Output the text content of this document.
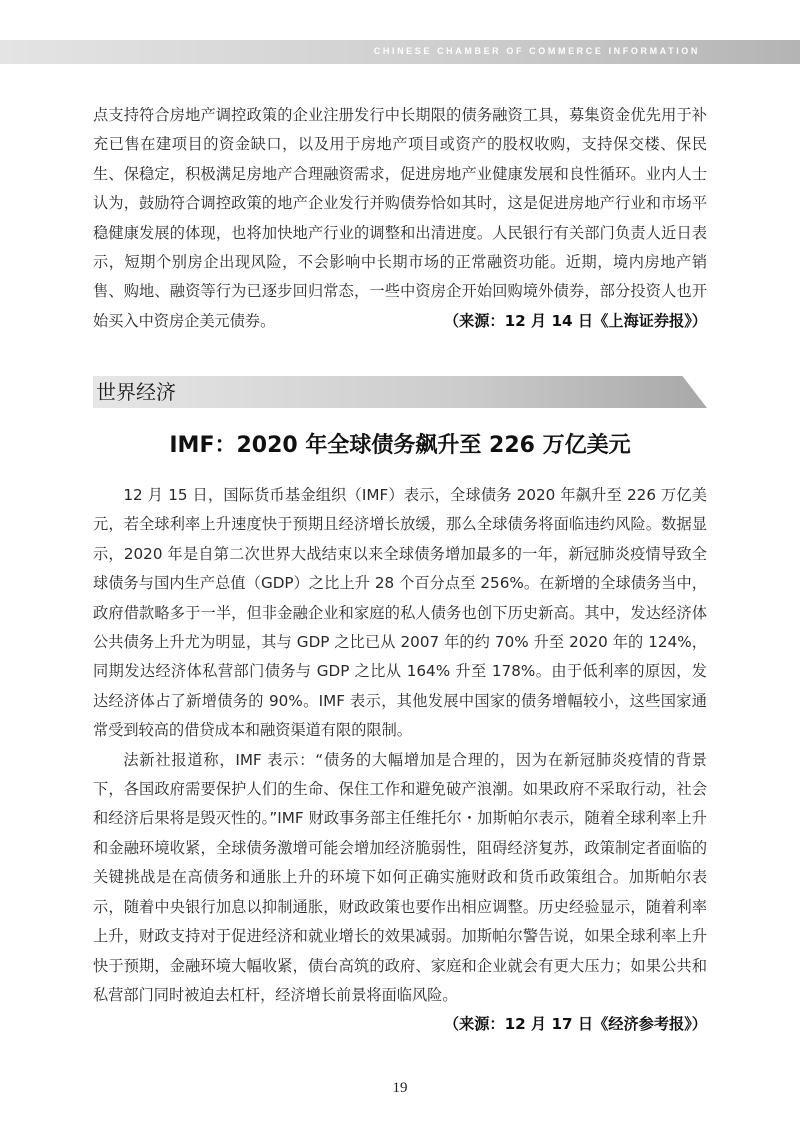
CHINESE CHAMBER OF COMMERCE INFORMATION

点支持符合房地产调控政策的企业注册发行中长期限的债务融资工具，募集资金优先用于补充已售在建项目的资金缺口，以及用于房地产项目或资产的股权收购，支持保交楼、保民生、保稳定，积极满足房地产合理融资需求，促进房地产业健康发展和良性循环。业内人士认为，鼓励符合调控政策的地产企业发行并购债券恰如其时，这是促进房地产行业和市场平稳健康发展的体现，也将加快地产行业的调整和出清进度。人民银行有关部门负责人近日表示，短期个别房企出现风险，不会影响中长期市场的正常融资功能。近期，境内房地产销售、购地、融资等行为已逐步回归常态，一些中资房企开始回购境外债券，部分投资人也开始买入中资房企美元债券。	（来源：12 月 14 日《上海证券报》）

世界经济
IMF：2020 年全球债务飙升至 226 万亿美元

12 月 15 日，国际货币基金组织（IMF）表示，全球债务 2020 年飙升至 226 万亿美元，若全球利率上升速度快于预期且经济增长放缓，那么全球债务将面临违约风险。数据显示，2020 年是自第二次世界大战结束以来全球债务增加最多的一年，新冠肺炎疫情导致全球债务与国内生产总值（GDP）之比上升 28 个百分点至 256%。在新增的全球债务当中，政府借款略多于一半，但非金融企业和家庭的私人债务也创下历史新高。其中，发达经济体公共债务上升尤为明显，其与 GDP 之比已从 2007 年的约 70% 升至 2020 年的 124%，同期发达经济体私营部门债务与 GDP 之比从 164% 升至 178%。由于低利率的原因，发达经济体占了新增债务的 90%。IMF 表示，其他发展中国家的债务增幅较小，这些国家通常受到较高的借贷成本和融资渠道有限的限制。

法新社报道称，IMF 表示：“债务的大幅增加是合理的，因为在新冠肺炎疫情的背景下，各国政府需要保护人们的生命、保住工作和避免破产浪潮。如果政府不采取行动，社会和经济后果将是毁灭性的。”IMF 财政事务部主任维托尔・加斯帕尔表示，随着全球利率上升和金融环境收紧，全球债务激增可能会增加经济脆弱性，阻碍经济复苏，政策制定者面临的关键挑战是在高债务和通胀上升的环境下如何正确实施财政和货币政策组合。加斯帕尔表示，随着中央银行加息以抑制通胀，财政政策也要作出相应调整。历史经验显示，随着利率上升，财政支持对于促进经济和就业增长的效果减弱。加斯帕尔警告说，如果全球利率上升快于预期，金融环境大幅收紧，债台高筑的政府、家庭和企业就会有更大压力；如果公共和私营部门同时被迫去杠杆，经济增长前景将面临风险。
（来源：12 月 17 日《经济参考报》）

19
